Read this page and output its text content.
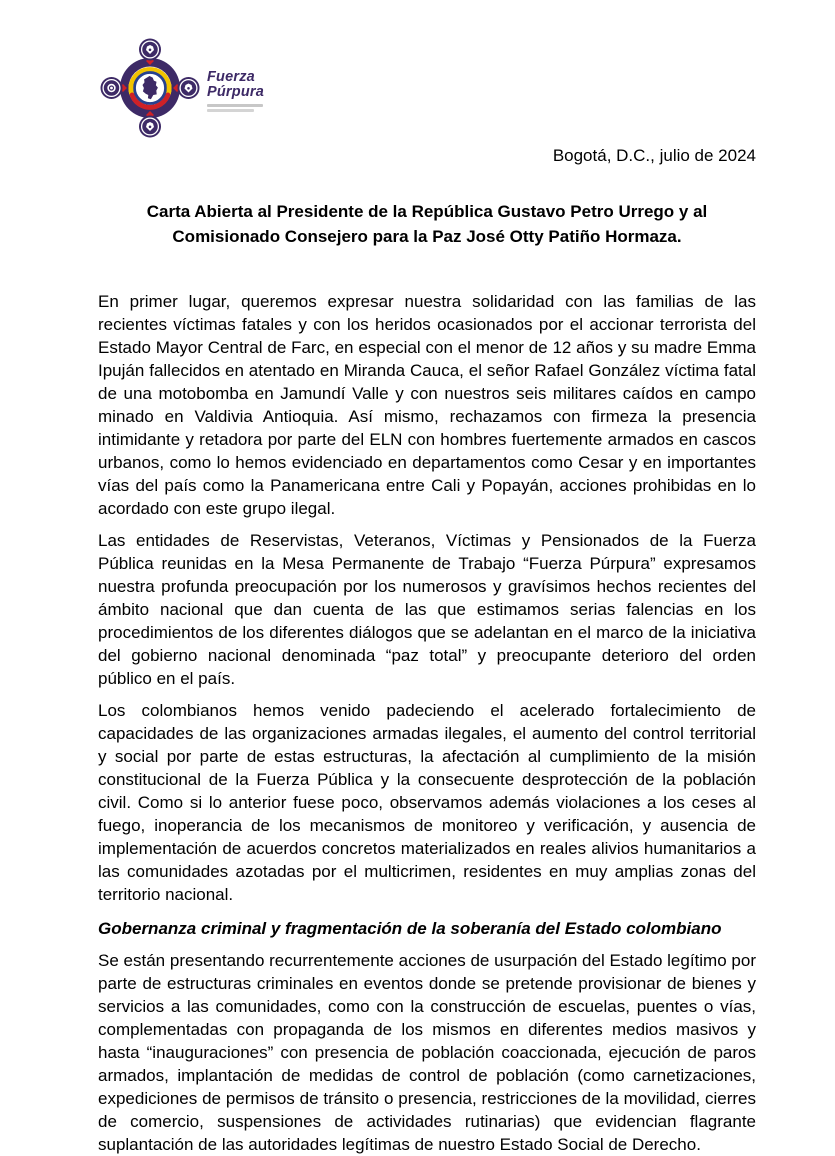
Fuerza
Púrpura
Bogotá, D.C., julio de 2024
Carta Abierta al Presidente de la República Gustavo Petro Urrego y al Comisionado Consejero para la Paz José Otty Patiño Hormaza.

En primer lugar, queremos expresar nuestra solidaridad con las familias de las recientes víctimas fatales y con los heridos ocasionados por el accionar terrorista del Estado Mayor Central de Farc, en especial con el menor de 12 años y su madre Emma Ipuján fallecidos en atentado en Miranda Cauca, el señor Rafael González víctima fatal de una motobomba en Jamundí Valle y con nuestros seis militares caídos en campo minado en Valdivia Antioquia. Así mismo, rechazamos con firmeza la presencia intimidante y retadora por parte del ELN con hombres fuertemente armados en cascos urbanos, como lo hemos evidenciado en departamentos como Cesar y en importantes vías del país como la Panamericana entre Cali y Popayán, acciones prohibidas en lo acordado con este grupo ilegal.

Las entidades de Reservistas, Veteranos, Víctimas y Pensionados de la Fuerza Pública reunidas en la Mesa Permanente de Trabajo “Fuerza Púrpura” expresamos nuestra profunda preocupación por los numerosos y gravísimos hechos recientes del ámbito nacional que dan cuenta de las que estimamos serias falencias en los procedimientos de los diferentes diálogos que se adelantan en el marco de la iniciativa del gobierno nacional denominada “paz total” y preocupante deterioro del orden público en el país.

Los colombianos hemos venido padeciendo el acelerado fortalecimiento de capacidades de las organizaciones armadas ilegales, el aumento del control territorial y social por parte de estas estructuras, la afectación al cumplimiento de la misión constitucional de la Fuerza Pública y la consecuente desprotección de la población civil. Como si lo anterior fuese poco, observamos además violaciones a los ceses al fuego, inoperancia de los mecanismos de monitoreo y verificación, y ausencia de implementación de acuerdos concretos materializados en reales alivios humanitarios a las comunidades azotadas por el multicrimen, residentes en muy amplias zonas del territorio nacional.

Gobernanza criminal y fragmentación de la soberanía del Estado colombiano

Se están presentando recurrentemente acciones de usurpación del Estado legítimo por parte de estructuras criminales en eventos donde se pretende provisionar de bienes y servicios a las comunidades, como con la construcción de escuelas, puentes o vías, complementadas con propaganda de los mismos en diferentes medios masivos y hasta “inauguraciones” con presencia de población coaccionada, ejecución de paros armados, implantación de medidas de control de población (como carnetizaciones, expediciones de permisos de tránsito o presencia, restricciones de la movilidad, cierres de comercio, suspensiones de actividades rutinarias) que evidencian flagrante suplantación de las autoridades legítimas de nuestro Estado Social de Derecho.
